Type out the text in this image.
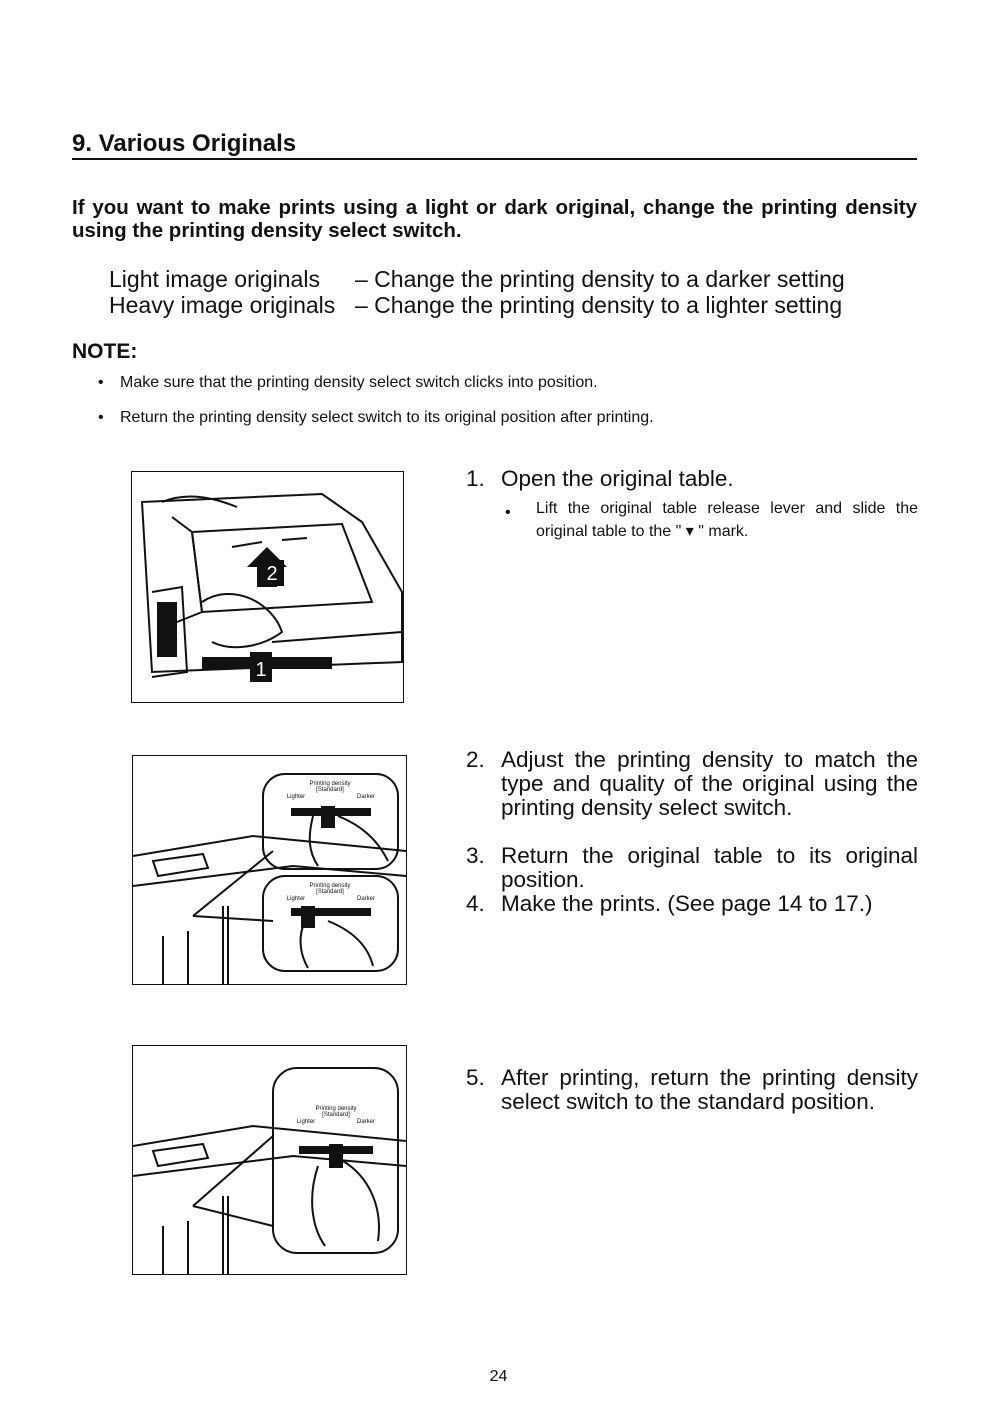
9. Various Originals

If you want to make prints using a light or dark original, change the printing density using the printing density select switch.

Light image originals – Change the printing density to a darker setting
Heavy image originals – Change the printing density to a lighter setting
NOTE:
• Make sure that the printing density select switch clicks into position.
• Return the printing density select switch to its original position after printing.
2
1
Printing density
[Standard]
Lighter	Darker
Printing density
[Standard]
Lighter	Darker
Printing density
[Standard]
Lighter	Darker
1. Open the original table.
• Lift the original table release lever and slide the original table to the " ▾ " mark.
2. Adjust the printing density to match the type and quality of the original using the printing density select switch.
3. Return the original table to its original position.
4. Make the prints. (See page 14 to 17.)
5. After printing, return the printing density select switch to the standard position.
24
